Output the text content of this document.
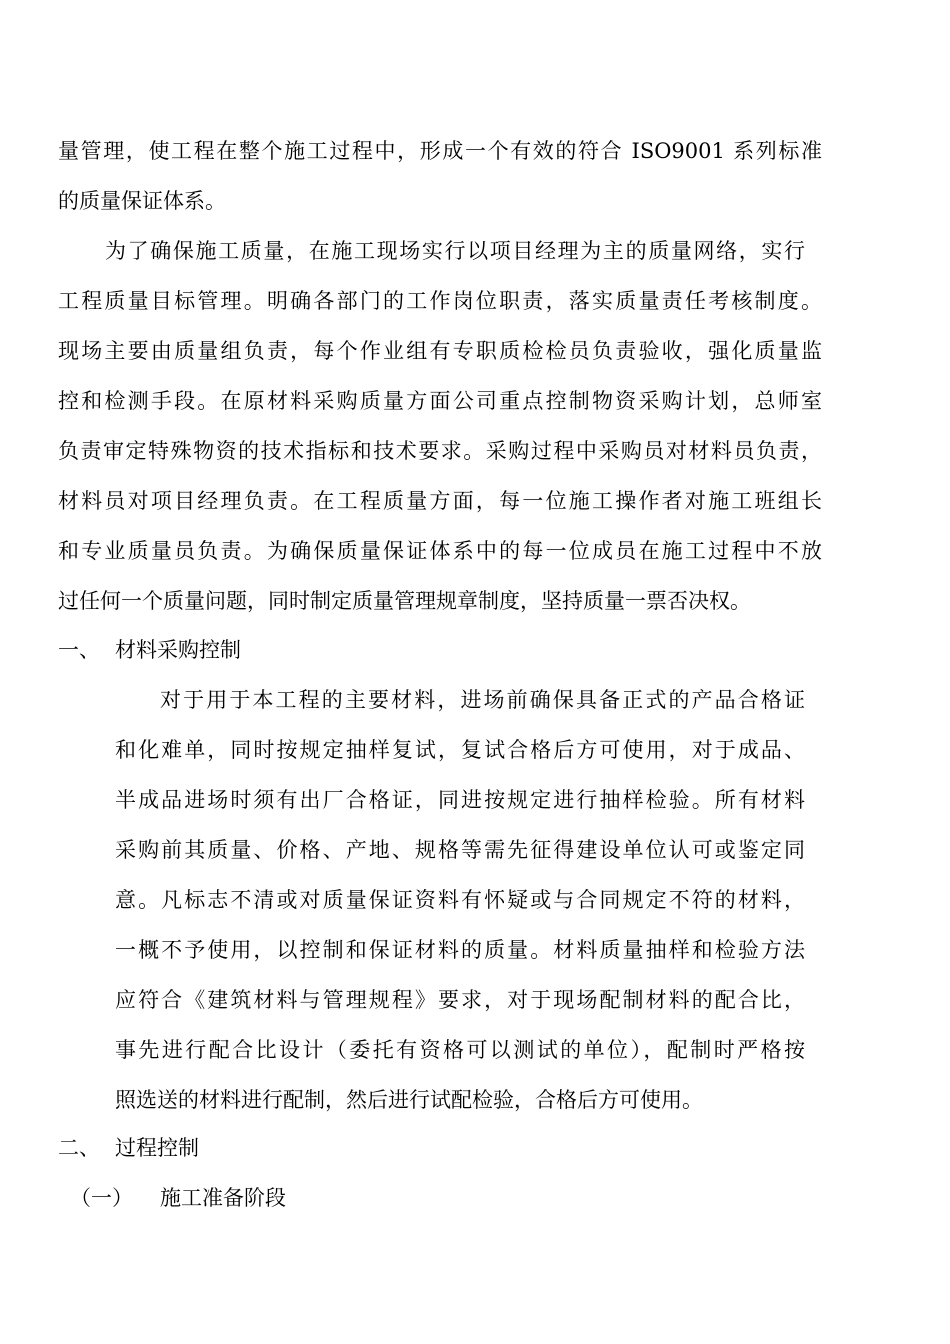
量管理，使工程在整个施工过程中，形成一个有效的符合 ISO9001 系列标准
的质量保证体系。
为了确保施工质量，在施工现场实行以项目经理为主的质量网络，实行
工程质量目标管理。明确各部门的工作岗位职责，落实质量责任考核制度。
现场主要由质量组负责，每个作业组有专职质检检员负责验收，强化质量监
控和检测手段。在原材料采购质量方面公司重点控制物资采购计划，总师室
负责审定特殊物资的技术指标和技术要求。采购过程中采购员对材料员负责，
材料员对项目经理负责。在工程质量方面，每一位施工操作者对施工班组长
和专业质量员负责。为确保质量保证体系中的每一位成员在施工过程中不放
过任何一个质量问题，同时制定质量管理规章制度，坚持质量一票否决权。
一、 材料采购控制
对于用于本工程的主要材料，进场前确保具备正式的产品合格证
和化难单，同时按规定抽样复试，复试合格后方可使用，对于成品、
半成品进场时须有出厂合格证，同进按规定进行抽样检验。所有材料
采购前其质量、价格、产地、规格等需先征得建设单位认可或鉴定同
意。凡标志不清或对质量保证资料有怀疑或与合同规定不符的材料，
一概不予使用，以控制和保证材料的质量。材料质量抽样和检验方法
应符合《建筑材料与管理规程》要求，对于现场配制材料的配合比，
事先进行配合比设计（委托有资格可以测试的单位），配制时严格按
照选送的材料进行配制，然后进行试配检验，合格后方可使用。
二、 过程控制
（一） 施工准备阶段
